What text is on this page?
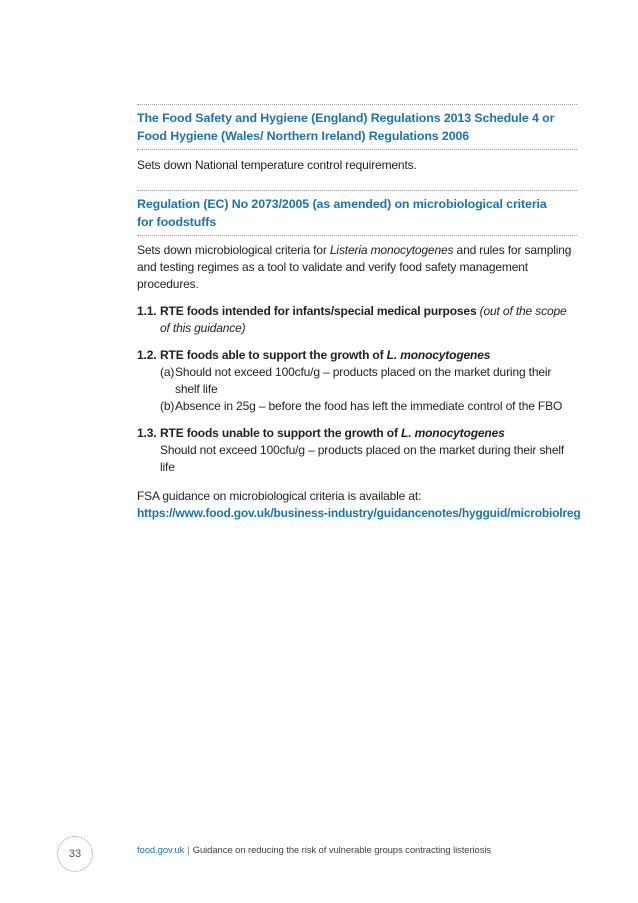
The Food Safety and Hygiene (England) Regulations 2013 Schedule 4 or Food Hygiene (Wales/ Northern Ireland) Regulations 2006
Sets down National temperature control requirements.
Regulation (EC) No 2073/2005 (as amended) on microbiological criteria
for foodstuffs
Sets down microbiological criteria for Listeria monocytogenes and rules for sampling and testing regimes as a tool to validate and verify food safety management procedures.
1.1. RTE foods intended for infants/special medical purposes (out of the scope of this guidance)
1.2. RTE foods able to support the growth of L. monocytogenes
(a) Should not exceed 100cfu/g – products placed on the market during their shelf life
(b) Absence in 25g – before the food has left the immediate control of the FBO
1.3. RTE foods unable to support the growth of L. monocytogenes
Should not exceed 100cfu/g – products placed on the market during their shelf life
FSA guidance on microbiological criteria is available at:
https://www.food.gov.uk/business-industry/guidancenotes/hygguid/microbiolreg
33	food.gov.uk | Guidance on reducing the risk of vulnerable groups contracting listeriosis
